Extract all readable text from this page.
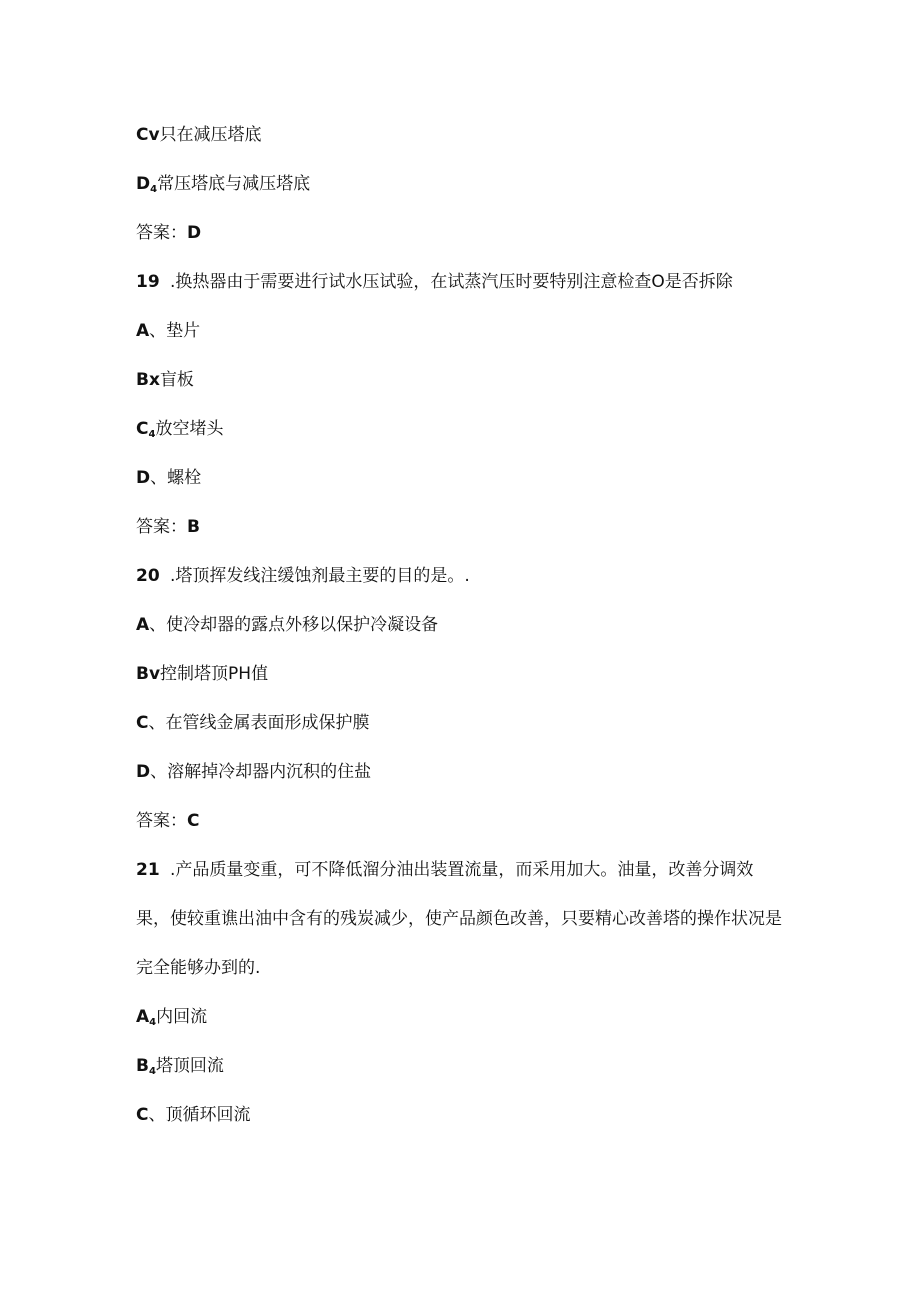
Cv只在减压塔底
$D_4$常压塔底与减压塔底
答案：D
19 .换热器由于需要进行试水压试验，在试蒸汽压时要特别注意检查O是否拆除
A、垫片
Bx盲板
$C_4$放空堵头
D、螺栓
答案：B
20 .塔顶挥发线注缓蚀剂最主要的目的是。.
A、使冷却器的露点外移以保护冷凝设备
Bv控制塔顶PH值
C、在管线金属表面形成保护膜
D、溶解掉冷却器内沉积的住盐
答案：C
21 .产品质量变重，可不降低溜分油出装置流量，而采用加大。油量，改善分调效
果，使较重谯出油中含有的残炭减少，使产品颜色改善，只要精心改善塔的操作状况是
完全能够办到的.
$A_4$内回流
$B_4$塔顶回流
C、顶循环回流
